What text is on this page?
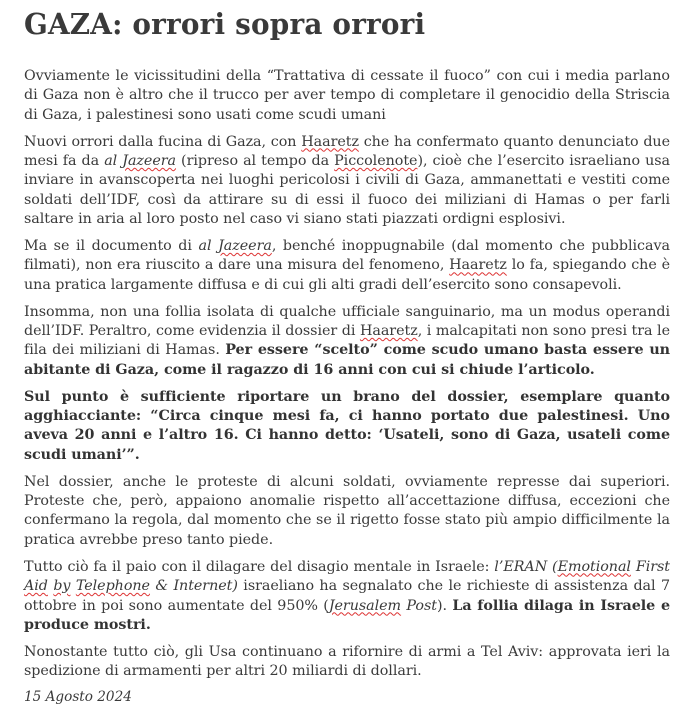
GAZA: orrori sopra orrori

Ovviamente le vicissitudini della “Trattativa di cessate il fuoco” con cui i media parlano di Gaza non è altro che il trucco per aver tempo di completare il genocidio della Striscia di Gaza, i palestinesi sono usati come scudi umani

Nuovi orrori dalla fucina di Gaza, con Haaretz che ha confermato quanto denunciato due mesi fa da al Jazeera (ripreso al tempo da Piccolenote), cioè che l’esercito israeliano usa inviare in avanscoperta nei luoghi pericolosi i civili di Gaza, ammanettati e vestiti come soldati dell’IDF, così da attirare su di essi il fuoco dei miliziani di Hamas o per farli saltare in aria al loro posto nel caso vi siano stati piazzati ordigni esplosivi.

Ma se il documento di al Jazeera, benché inoppugnabile (dal momento che pubblicava filmati), non era riuscito a dare una misura del fenomeno, Haaretz lo fa, spiegando che è una pratica largamente diffusa e di cui gli alti gradi dell’esercito sono consapevoli.

Insomma, non una follia isolata di qualche ufficiale sanguinario, ma un modus operandi dell’IDF. Peraltro, come evidenzia il dossier di Haaretz, i malcapitati non sono presi tra le fila dei miliziani di Hamas. Per essere “scelto” come scudo umano basta essere un abitante di Gaza, come il ragazzo di 16 anni con cui si chiude l’articolo.

Sul punto è sufficiente riportare un brano del dossier, esemplare quanto agghiacciante: “Circa cinque mesi fa, ci hanno portato due palestinesi. Uno aveva 20 anni e l’altro 16. Ci hanno detto: ‘Usateli, sono di Gaza, usateli come scudi umani’”.

Nel dossier, anche le proteste di alcuni soldati, ovviamente represse dai superiori. Proteste che, però, appaiono anomalie rispetto all’accettazione diffusa, eccezioni che confermano la regola, dal momento che se il rigetto fosse stato più ampio difficilmente la pratica avrebbe preso tanto piede.

Tutto ciò fa il paio con il dilagare del disagio mentale in Israele: l’ERAN (Emotional First Aid by Telephone & Internet) israeliano ha segnalato che le richieste di assistenza dal 7 ottobre in poi sono aumentate del 950% (Jerusalem Post). La follia dilaga in Israele e produce mostri.

Nonostante tutto ciò, gli Usa continuano a rifornire di armi a Tel Aviv: approvata ieri la spedizione di armamenti per altri 20 miliardi di dollari.

15 Agosto 2024
